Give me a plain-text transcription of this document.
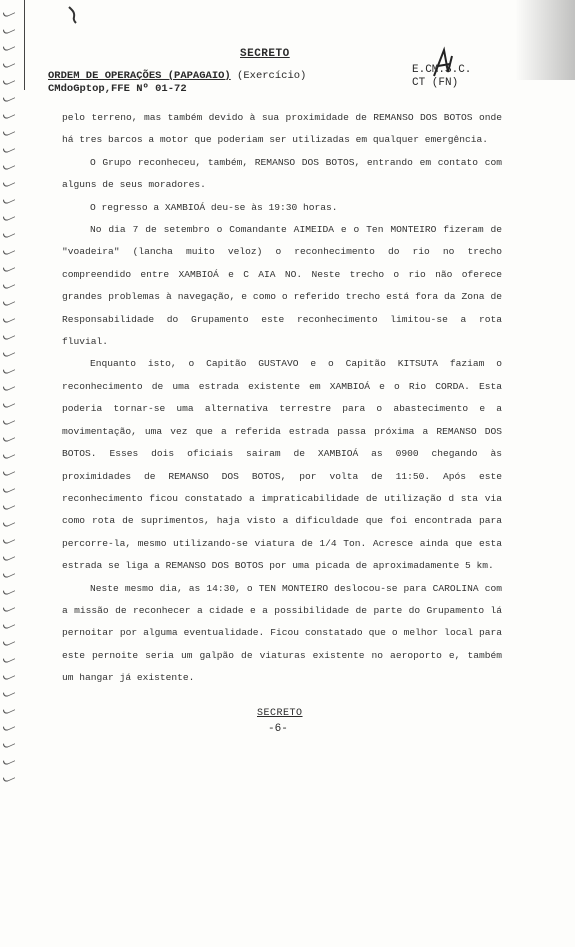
SECRETO
ORDEM DE OPERAÇÕES (PAPAGAIO) (Exercício)
CMdoGptop,FFE Nº 01-72
E.CM.S.C.
CT (FN)

pelo terreno, mas também devido à sua proximidade de REMANSO DOS BOTOS onde há tres barcos a motor que poderiam ser utilizadas em qualquer emergência.

O Grupo reconheceu, também, REMANSO DOS BOTOS, entrando em contato com alguns de seus moradores.

O regresso a XAMBIOÁ deu-se às 19:30 horas.

No dia 7 de setembro o Comandante AIMEIDA e o Ten MONTEIRO fizeram de "voadeira" (lancha muito veloz) o reconhecimento do rio no trecho compreendido entre XAMBIOÁ e C AIA NO. Neste trecho o rio não oferece grandes problemas à navegação, e como o referido trecho está fora da Zona de Responsabilidade do Grupamento este reconhecimento limitou-se a rota fluvial.

Enquanto isto, o Capitão GUSTAVO e o Capitão KITSUTA faziam o reconhecimento de uma estrada existente em XAMBIOÁ e o Rio CORDA. Esta poderia tornar-se uma alternativa terrestre para o abastecimento e a movimentação, uma vez que a referida estrada passa próxima a REMANSO DOS BOTOS. Esses dois oficiais sairam de XAMBIOÁ as 0900 chegando às proximidades de REMANSO DOS BOTOS, por volta de 11:50. Após este reconhecimento ficou constatado a impraticabilidade de utilização d sta via como rota de suprimentos, haja visto a dificuldade que foi encontrada para percorre-la, mesmo utilizando-se viatura de 1/4 Ton. Acresce ainda que esta estrada se liga a REMANSO DOS BOTOS por uma picada de aproximadamente 5 km.

Neste mesmo dia, as 14:30, o TEN MONTEIRO deslocou-se para CAROLINA com a missão de reconhecer a cidade e a possibilidade de parte do Grupamento lá pernoitar por alguma eventualidade. Ficou constatado que o melhor local para este pernoite seria um galpão de viaturas existente no aeroporto e, também um hangar já existente.

SECRETO
-6-
